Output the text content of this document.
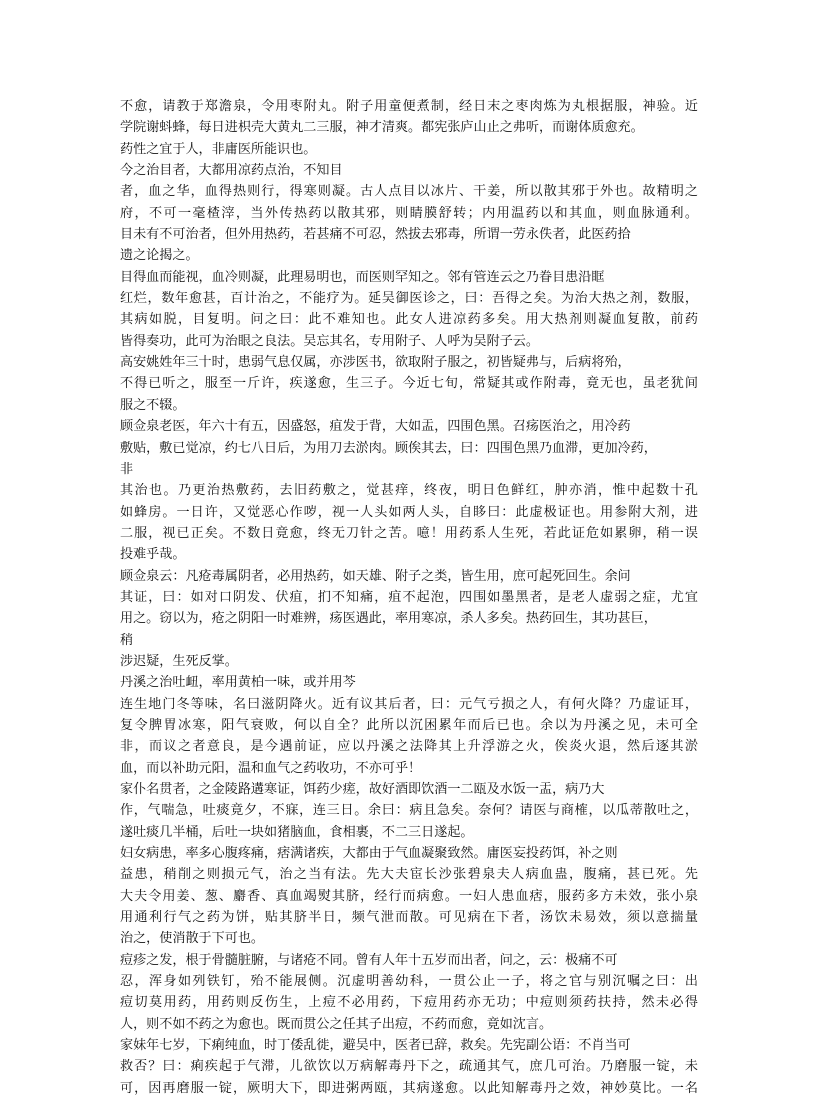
不愈，请教于郑澹泉，令用枣附丸。附子用童便煮制，经日末之枣肉炼为丸根据服，神验。近
学院谢蚪蜂，每日进枳壳大黄丸二三服，神才清爽。都宪张庐山止之弗听，而谢体质愈充。
药性之宜于人，非庸医所能识也。
今之治目者，大都用凉药点治，不知目
者，血之华，血得热则行，得寒则凝。古人点目以冰片、干姜，所以散其邪于外也。故精明之
府，不可一毫楂滓，当外传热药以散其邪，则睛膜舒转；内用温药以和其血，则血脉通利。
目未有不可治者，但外用热药，若甚痛不可忍，然拔去邪毒，所谓一劳永佚者，此医药拾
遗之论揭之。
目得血而能视，血冷则凝，此理易明也，而医则罕知之。邻有管连云之乃眷目患沿眶
红烂，数年愈甚，百计治之，不能疗为。延吴御医诊之，曰：吾得之矣。为治大热之剂，数服，
其病如脱，目复明。问之曰：此不难知也。此女人进凉药多矣。用大热剂则凝血复散，前药
皆得奏功，此可为治眼之良法。吴忘其名，专用附子、人呼为吴附子云。
高安姚姓年三十时，患弱气息仅属，亦涉医书，欲取附子服之，初皆疑弗与，后病将殆，
不得已听之，服至一斤许，疾遂愈，生三子。今近七旬，常疑其或作附毒，竟无也，虽老犹间
服之不辍。
顾佥泉老医，年六十有五，因盛怒，疽发于背，大如盂，四围色黑。召疡医治之，用冷药
敷贴，敷已觉凉，约七八日后，为用刀去淤肉。顾俟其去，曰：四围色黑乃血滞，更加冷药，
非
其治也。乃更治热敷药，去旧药敷之，觉甚痒，终夜，明日色鲜红，肿亦消，惟中起数十孔
如蜂房。一日许，又觉恶心作哕，视一人头如两人头，自眵曰：此虚极证也。用参附大剂，进
二服，视已正矣。不数日竟愈，终无刀针之苦。噫！用药系人生死，若此证危如累卵，稍一误
投难乎哉。
顾佥泉云：凡疮毒属阴者，必用热药，如天雄、附子之类，皆生用，庶可起死回生。余问
其证，曰：如对口阴发、伏疽，扪不知痛，疽不起泡，四围如墨黑者，是老人虚弱之症，尤宜
用之。窃以为，疮之阴阳一时难辨，疡医遇此，率用寒凉，杀人多矣。热药回生，其功甚巨，
稍
涉迟疑，生死反掌。
丹溪之治吐衄，率用黄柏一味，或并用芩
连生地门冬等味，名曰滋阴降火。近有议其后者，曰：元气亏损之人，有何火降？乃虚证耳，
复令脾胃冰寒，阳气衰败，何以自全？此所以沉困累年而后已也。余以为丹溪之见，未可全
非，而议之者意良，是今遇前证，应以丹溪之法降其上升浮游之火，俟炎火退，然后逐其淤
血，而以补助元阳，温和血气之药收功，不亦可乎！
家仆名贯者，之金陵路遘寒证，饵药少瘥，故好酒即饮酒一二瓯及水饭一盂，病乃大
作，气喘急，吐痰竟夕，不寐，连三日。余曰：病且急矣。奈何？请医与商榷，以瓜蒂散吐之，
遂吐痰几半桶，后吐一块如猪脑血，食相裹，不二三日遂起。
妇女病患，率多心腹疼痛，痞满诸疾，大都由于气血凝聚致然。庸医妄投药饵，补之则
益患，稍削之则损元气，治之当有法。先大夫宦长沙张碧泉夫人病血蛊，腹痛，甚已死。先
大夫令用姜、葱、麝香、真血竭熨其脐，经行而病愈。一妇人患血痞，服药多方未效，张小泉
用通利行气之药为饼，贴其脐半日，频气泄而散。可见病在下者，汤饮未易效，须以意揣量
治之，使消散于下可也。
痘疹之发，根于骨髓脏腑，与诸疮不同。曾有人年十五岁而出者，问之，云：极痛不可
忍，浑身如列铁钉，殆不能展侧。沉虚明善幼科，一贯公止一子，将之官与别沉嘱之曰：出
痘切莫用药，用药则反伤生，上痘不必用药，下痘用药亦无功；中痘则须药扶持，然未必得
人，则不如不药之为愈也。既而贯公之任其子出痘，不药而愈，竟如沈言。
家妹年七岁，下痢纯血，时丁倭乱徙，避吴中，医者已辞，救矣。先宪副公语：不肖当可
救否？曰：痢疾起于气滞，儿欲饮以万病解毒丹下之，疏通其气，庶几可治。乃磨服一锭，未
可，因再磨服一锭，厥明大下，即进粥两瓯，其病遂愈。以此知解毒丹之效，神妙莫比。一名
